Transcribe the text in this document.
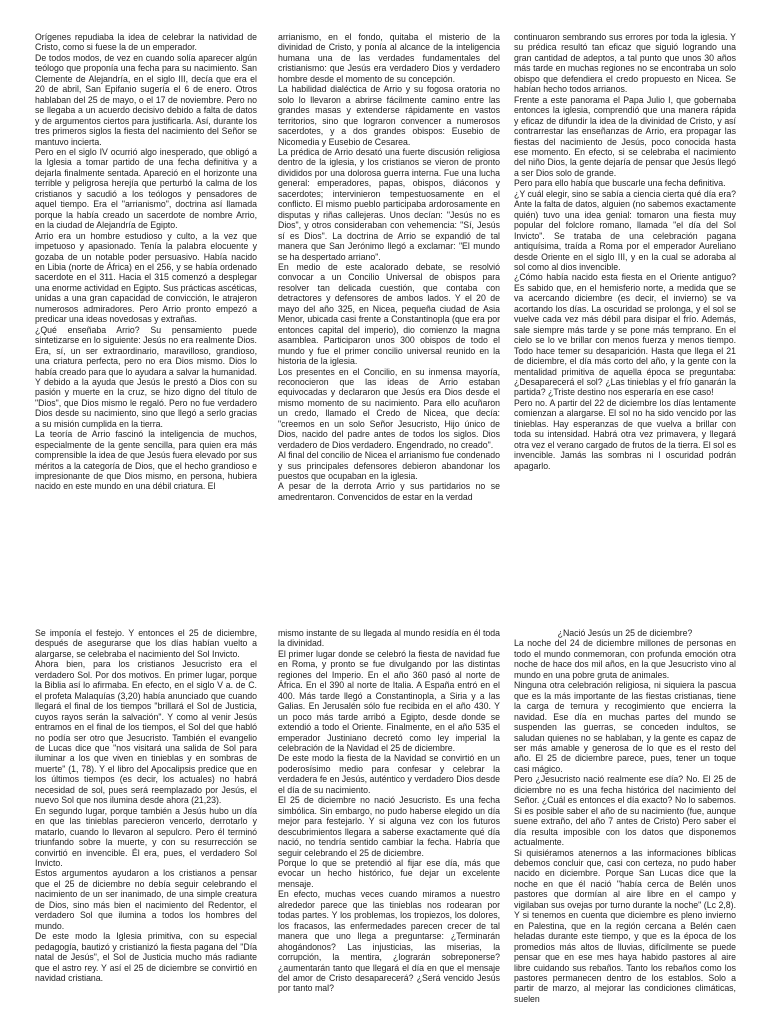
Orígenes repudiaba la idea de celebrar la natividad de Cristo, como si fuese la de un emperador.

De todos modos, de vez en cuando solía aparecer algún teólogo que proponía una fecha para su nacimiento. San Clemente de Alejandría, en el siglo III, decía que era el 20 de abril, San Epifanio sugería el 6 de enero. Otros hablaban del 25 de mayo, o el 17 de noviembre. Pero no se llegaba a un acuerdo decisivo debido a falta de datos y de argumentos ciertos para justificarla. Así, durante los tres primeros siglos la fiesta del nacimiento del Señor se mantuvo incierta.

Pero en el siglo IV ocurrió algo inesperado, que obligó a la Iglesia a tomar partido de una fecha definitiva y a dejarla finalmente sentada. Apareció en el horizonte una terrible y peligrosa herejía que perturbó la calma de los cristianos y sacudió a los teólogos y pensadores de aquel tiempo. Era el "arrianismo", doctrina así llamada porque la había creado un sacerdote de nombre Arrio, en la ciudad de Alejandría de Egipto.

Arrio era un hombre estudioso y culto, a la vez que impetuoso y apasionado. Tenía la palabra elocuente y gozaba de un notable poder persuasivo. Había nacido en Libia (norte de África) en el 256, y se había ordenado sacerdote en el 311. Hacia el 315 comenzó a desplegar una enorme actividad en Egipto. Sus prácticas ascéticas, unidas a una gran capacidad de convicción, le atrajeron numerosos admiradores. Pero Arrio pronto empezó a predicar una ideas novedosas y extrañas.

¿Qué enseñaba Arrio? Su pensamiento puede sintetizarse en lo siguiente: Jesús no era realmente Dios. Era, sí, un ser extraordinario, maravilloso, grandioso, una criatura perfecta, pero no era Dios mismo. Dios lo había creado para que lo ayudara a salvar la humanidad. Y debido a la ayuda que Jesús le prestó a Dios con su pasión y muerte en la cruz, se hizo digno del título de "Dios", que Dios mismo le regaló. Pero no fue verdadero Dios desde su nacimiento, sino que llegó a serlo gracias a su misión cumplida en la tierra.

La teoría de Arrio fascinó la inteligencia de muchos, especialmente de la gente sencilla, para quien era más comprensible la idea de que Jesús fuera elevado por sus méritos a la categoría de Dios, que el hecho grandioso e impresionante de que Dios mismo, en persona, hubiera nacido en este mundo en una débil criatura. El

arrianismo, en el fondo, quitaba el misterio de la divinidad de Cristo, y ponía al alcance de la inteligencia humana una de las verdades fundamentales del cristianismo: que Jesús era verdadero Dios y verdadero hombre desde el momento de su concepción.

La habilidad dialéctica de Arrio y su fogosa oratoria no solo lo llevaron a abrirse fácilmente camino entre las grandes masas y extenderse rápidamente en vastos territorios, sino que lograron convencer a numerosos sacerdotes, y a dos grandes obispos: Eusebio de Nicomedia y Eusebio de Cesarea.

La prédica de Arrio desató una fuerte discusión religiosa dentro de la iglesia, y los cristianos se vieron de pronto divididos por una dolorosa guerra interna. Fue una lucha general: emperadores, papas, obispos, diáconos y sacerdotes; intervinieron tempestuosamente en el conflicto. El mismo pueblo participaba ardorosamente en disputas y riñas callejeras. Unos decían: "Jesús no es Dios", y otros consideraban con vehemencia: "Sí, Jesús sí es Dios". La doctrina de Arrio se expandió de tal manera que San Jerónimo llegó a exclamar: "El mundo se ha despertado arriano".

En medio de este acalorado debate, se resolvió convocar a un Concilio Universal de obispos para resolver tan delicada cuestión, que contaba con detractores y defensores de ambos lados. Y el 20 de mayo del año 325, en Nicea, pequeña ciudad de Asia Menor, ubicada casi frente a Constantinopla (que era por entonces capital del imperio), dio comienzo la magna asamblea. Participaron unos 300 obispos de todo el mundo y fue el primer concilio universal reunido en la historia de la iglesia.

Los presentes en el Concilio, en su inmensa mayoría, reconocieron que las ideas de Arrio estaban equivocadas y declararon que Jesús era Dios desde el mismo momento de su nacimiento. Para ello acuñaron un credo, llamado el Credo de Nicea, que decía: "creemos en un solo Señor Jesucristo, Hijo único de Dios, nacido del padre antes de todos los siglos. Dios verdadero de Dios verdadero. Engendrado, no creado".

Al final del concilio de Nicea el arrianismo fue condenado y sus principales defensores debieron abandonar los puestos que ocupaban en la iglesia.

A pesar de la derrota Arrio y sus partidarios no se amedrentaron. Convencidos de estar en la verdad

continuaron sembrando sus errores por toda la iglesia. Y su prédica resultó tan eficaz que siguió logrando una gran cantidad de adeptos, a tal punto que unos 30 años más tarde en muchas regiones no se encontraba un solo obispo que defendiera el credo propuesto en Nicea. Se habían hecho todos arrianos.

Frente a este panorama el Papa Julio I, que gobernaba entonces la iglesia, comprendió que una manera rápida y eficaz de difundir la idea de la divinidad de Cristo, y así contrarrestar las enseñanzas de Arrio, era propagar las fiestas del nacimiento de Jesús, poco conocida hasta ese momento. En efecto, si se celebraba el nacimiento del niño Dios, la gente dejaría de pensar que Jesús llegó a ser Dios solo de grande.

Pero para ello había que buscarle una fecha definitiva.

¿Y cuál elegir, sino se sabía a ciencia cierta qué día era? Ante la falta de datos, alguien (no sabemos exactamente quién) tuvo una idea genial: tomaron una fiesta muy popular del folclore romano, llamada "el día del Sol Invicto". Se trataba de una celebración pagana antiquísima, traída a Roma por el emperador Aureliano desde Oriente en el siglo III, y en la cual se adoraba al sol como al dios invencible.

¿Cómo había nacido esta fiesta en el Oriente antiguo? Es sabido que, en el hemisferio norte, a medida que se va acercando diciembre (es decir, el invierno) se va acortando los días. La oscuridad se prolonga, y el sol se vuelve cada vez más débil para disipar el frío. Además, sale siempre más tarde y se pone más temprano. En el cielo se lo ve brillar con menos fuerza y menos tiempo. Todo hace temer su desaparición. Hasta que llega el 21 de diciembre, el día más corto del año, y la gente con la mentalidad primitiva de aquella época se preguntaba: ¿Desaparecerá el sol? ¿Las tinieblas y el frío ganarán la partida? ¿Triste destino nos esperaría en ese caso!

Pero no. A partir del 22 de diciembre los días lentamente comienzan a alargarse. El sol no ha sido vencido por las tinieblas. Hay esperanzas de que vuelva a brillar con toda su intensidad. Habrá otra vez primavera, y llegará otra vez el verano cargado de frutos de la tierra. El sol es invencible. Jamás las sombras ni l oscuridad podrán apagarlo.

Se imponía el festejo. Y entonces el 25 de diciembre, después de asegurarse que los días habían vuelto a alargarse, se celebraba el nacimiento del Sol Invicto.

Ahora bien, para los cristianos Jesucristo era el verdadero Sol. Por dos motivos. En primer lugar, porque la Biblia así lo afirmaba. En efecto, en el siglo V a. de C. el profeta Malaquías (3,20) había anunciado que cuando llegará el final de los tiempos "brillará el Sol de Justicia, cuyos rayos serán la salvación". Y como al venir Jesús entramos en el final de los tiempos, el Sol del que habló no podía ser otro que Jesucristo. También el evangelio de Lucas dice que "nos visitará una salida de Sol para iluminar a los que viven en tinieblas y en sombras de muerte" (1, 78). Y el libro del Apocalipsis predice que en los últimos tiempos (es decir, los actuales) no habrá necesidad de sol, pues será reemplazado por Jesús, el nuevo Sol que nos ilumina desde ahora (21,23).

En segundo lugar, porque también a Jesús hubo un día en que las tinieblas parecieron vencerlo, derrotarlo y matarlo, cuando lo llevaron al sepulcro. Pero él terminó triunfando sobre la muerte, y con su resurrección se convirtió en invencible. Él era, pues, el verdadero Sol Invicto.

Estos argumentos ayudaron a los cristianos a pensar que el 25 de diciembre no debía seguir celebrando el nacimiento de un ser inanimado, de una simple creatura de Dios, sino más bien el nacimiento del Redentor, el verdadero Sol que ilumina a todos los hombres del mundo.

De este modo la Iglesia primitiva, con su especial pedagogía, bautizó y cristianizó la fiesta pagana del "Día natal de Jesús", el Sol de Justicia mucho más radiante que el astro rey. Y así el 25 de diciembre se convirtió en navidad cristiana.

mismo instante de su llegada al mundo residía en él toda la divinidad.

El primer lugar donde se celebró la fiesta de navidad fue en Roma, y pronto se fue divulgando por las distintas regiones del Imperio. En el año 360 pasó al norte de África. En el 390 al norte de Italia. A España entró en el 400. Más tarde llegó a Constantinopla, a Siria y a las Galias. En Jerusalén sólo fue recibida en el año 430. Y un poco más tarde arribó a Egipto, desde donde se extendió a todo el Oriente. Finalmente, en el año 535 el emperador Justiniano decretó como ley imperial la celebración de la Navidad el 25 de diciembre.

De este modo la fiesta de la Navidad se convirtió en un poderosísimo medio para confesar y celebrar la verdadera fe en Jesús, auténtico y verdadero Dios desde el día de su nacimiento.

El 25 de diciembre no nació Jesucristo. Es una fecha simbólica. Sin embargo, no pudo haberse elegido un día mejor para festejarlo. Y si alguna vez con los futuros descubrimientos llegara a saberse exactamente qué día nació, no tendría sentido cambiar la fecha. Habría que seguir celebrando el 25 de diciembre.

Porque lo que se pretendió al fijar ese día, más que evocar un hecho histórico, fue dejar un excelente mensaje.

En efecto, muchas veces cuando miramos a nuestro alrededor parece que las tinieblas nos rodearan por todas partes. Y los problemas, los tropiezos, los dolores, los fracasos, las enfermedades parecen crecer de tal manera que uno llega a preguntarse: ¿Terminarán ahogándonos? Las injusticias, las miserias, la corrupción, la mentira, ¿lograrán sobreponerse? ¿aumentarán tanto que llegará el día en que el mensaje del amor de Cristo desaparecerá? ¿Será vencido Jesús por tanto mal?

¿Nació Jesús un 25 de diciembre?

La noche del 24 de diciembre millones de personas en todo el mundo conmemoran, con profunda emoción otra noche de hace dos mil años, en la que Jesucristo vino al mundo en una pobre gruta de animales.

Ninguna otra celebración religiosa, ni siquiera la pascua que es la más importante de las fiestas cristianas, tiene la carga de ternura y recogimiento que encierra la navidad. Ese día en muchas partes del mundo se suspenden las guerras, se conceden indultos, se saludan quienes no se hablaban, y la gente es capaz de ser más amable y generosa de lo que es el resto del año. El 25 de diciembre parece, pues, tener un toque casi mágico.

Pero ¿Jesucristo nació realmente ese día? No. El 25 de diciembre no es una fecha histórica del nacimiento del Señor. ¿Cuál es entonces el día exacto? No lo sabemos. Si es posible saber el año de su nacimiento (fue, aunque suene extraño, del año 7 antes de Cristo) Pero saber el día resulta imposible con los datos que disponemos actualmente.

Si quisiéramos atenernos a las informaciones bíblicas debemos concluir que, casi con certeza, no pudo haber nacido en diciembre. Porque San Lucas dice que la noche en que él nació "había cerca de Belén unos pastores que dormían al aire libre en el campo y vigilaban sus ovejas por turno durante la noche" (Lc 2,8). Y si tenemos en cuenta que diciembre es pleno invierno en Palestina, que en la región cercana a Belén caen heladas durante este tiempo, y que es la época de los promedios más altos de lluvias, difícilmente se puede pensar que en ese mes haya habido pastores al aire libre cuidando sus rebaños. Tanto los rebaños como los pastores permanecen dentro de los establos. Solo a partir de marzo, al mejorar las condiciones climáticas, suelen
